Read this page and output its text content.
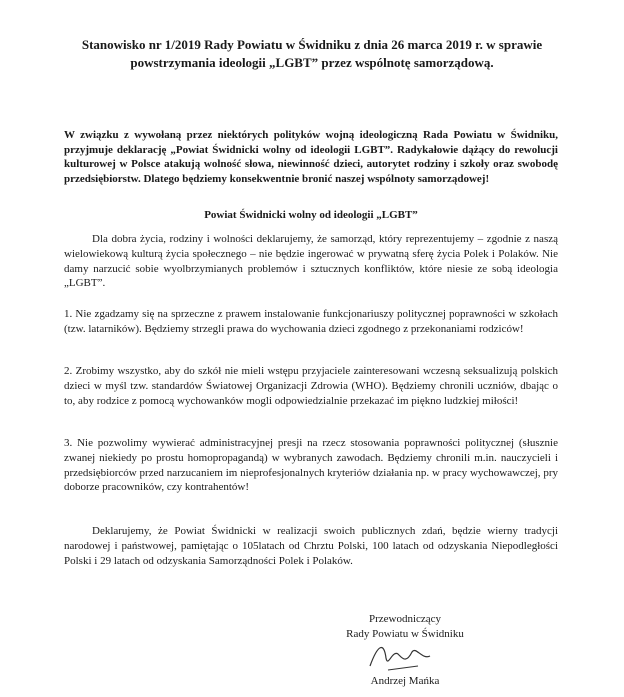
Stanowisko nr 1/2019 Rady Powiatu w Świdniku z dnia 26 marca 2019 r. w sprawie powstrzymania ideologii „LGBT” przez wspólnotę samorządową.
W związku z wywołaną przez niektórych polityków wojną ideologiczną Rada Powiatu w Świdniku, przyjmuje deklarację „Powiat Świdnicki wolny od ideologii LGBT”. Radykałowie dążący do rewolucji kulturowej w Polsce atakują wolność słowa, niewinność dzieci, autorytet rodziny i szkoły oraz swobodę przedsiębiorstw. Dlatego będziemy konsekwentnie bronić naszej wspólnoty samorządowej!
Powiat Świdnicki wolny od ideologii „LGBT”
Dla dobra życia, rodziny i wolności deklarujemy, że samorząd, który reprezentujemy – zgodnie z naszą wielowiekową kulturą życia społecznego – nie będzie ingerować w prywatną sferę życia Polek i Polaków. Nie damy narzucić sobie wyolbrzymianych problemów i sztucznych konfliktów, które niesie ze sobą ideologia „LGBT”.
1. Nie zgadzamy się na sprzeczne z prawem instalowanie funkcjonariuszy politycznej poprawności w szkołach (tzw. latarników). Będziemy strzegli prawa do wychowania dzieci zgodnego z przekonaniami rodziców!
2. Zrobimy wszystko, aby do szkół nie mieli wstępu przyjaciele zainteresowani wczesną seksualizują polskich dzieci w myśl tzw. standardów Światowej Organizacji Zdrowia (WHO). Będziemy chronili uczniów, dbając o to, aby rodzice z pomocą wychowanków mogli odpowiedzialnie przekazać im piękno ludzkiej miłości!
3. Nie pozwolimy wywierać administracyjnej presji na rzecz stosowania poprawności politycznej (słusznie zwanej niekiedy po prostu homopropagandą) w wybranych zawodach. Będziemy chronili m.in. nauczycieli i przedsiębiorców przed narzucaniem im nieprofesjonalnych kryteriów działania np. w pracy wychowawczej, pry doborze pracowników, czy kontrahentów!
Deklarujemy, że Powiat Świdnicki w realizacji swoich publicznych zdań, będzie wierny tradycji narodowej i państwowej, pamiętając o 105latach od Chrztu Polski, 100 latach od odzyskania Niepodległości Polski i 29 latach od odzyskania Samorządności Polek i Polaków.
Przewodniczący
Rady Powiatu w Świdniku
Andrzej Mańka
